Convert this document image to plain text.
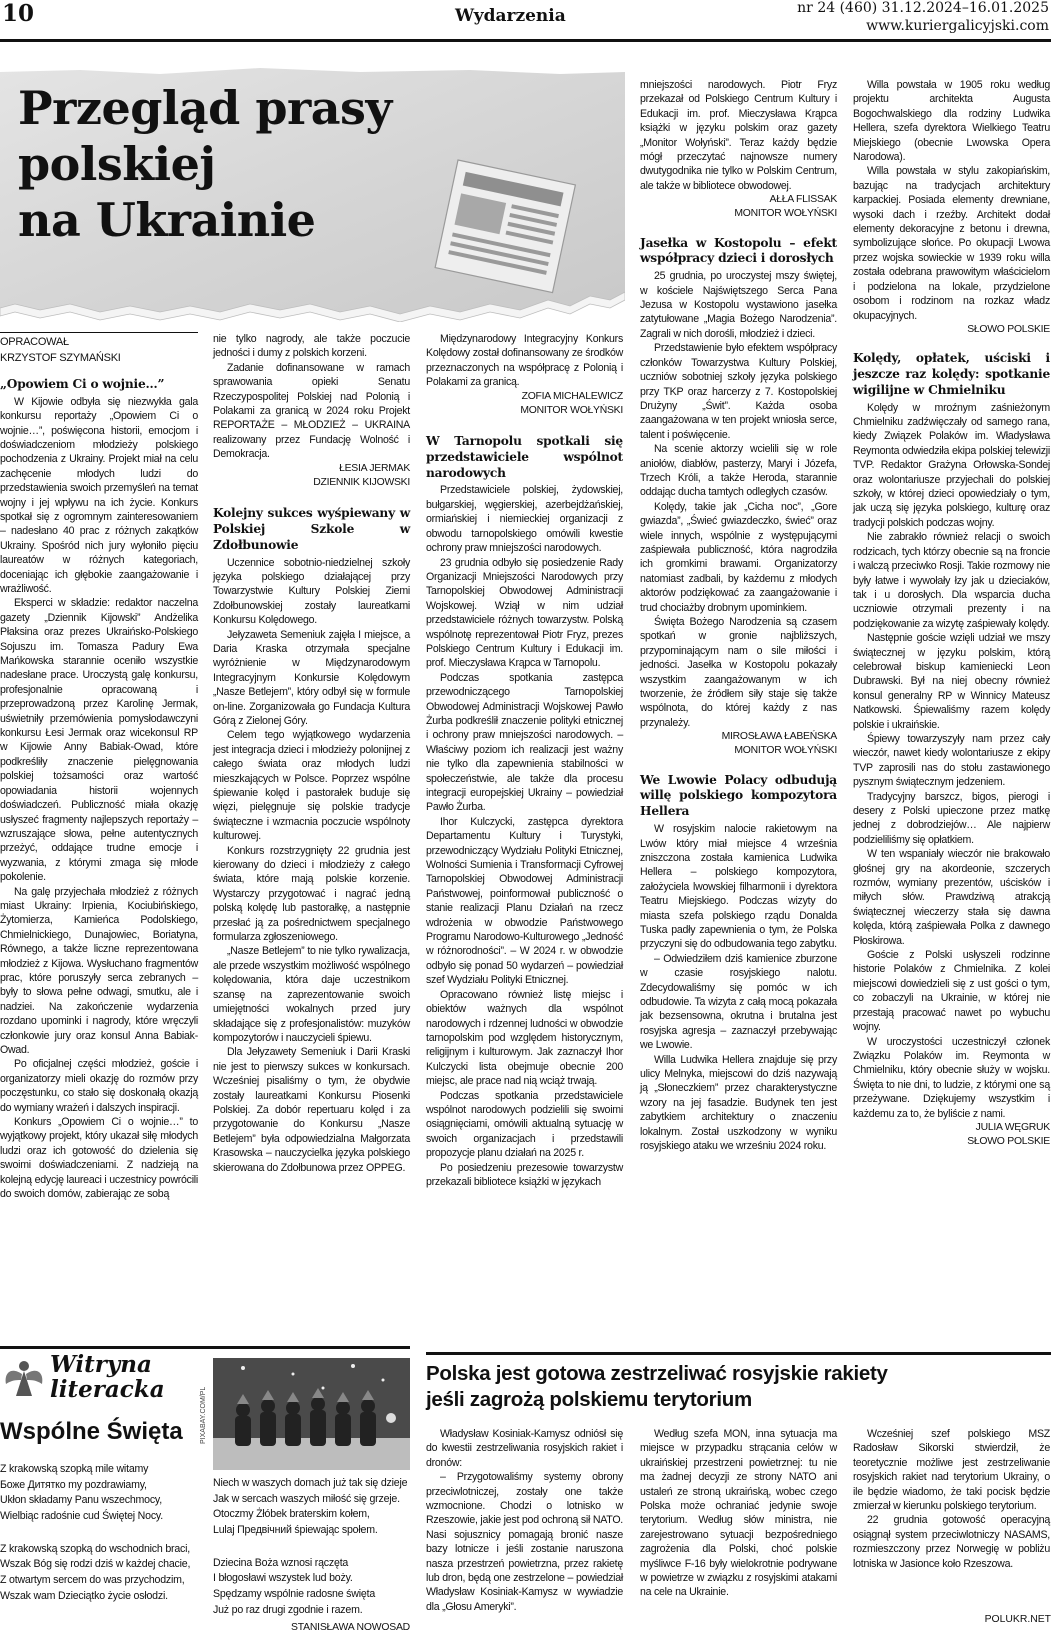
10	Wydarzenia	nr 24 (460) 31.12.2024–16.01.2025
www.kuriergalicyjski.com
Przegląd prasy
polskiej
na Ukrainie
OPRACOWAŁ
KRZYSTOF SZYMAŃSKI
„Opowiem Ci o wojnie…”

W Kijowie odbyła się niezwykła gala konkursu reportaży „Opowiem Ci o wojnie…”, poświęcona historii, emocjom i doświadczeniom młodzieży polskiego pochodzenia z Ukrainy. Projekt miał na celu zachęcenie młodych ludzi do przedstawienia swoich przemyśleń na temat wojny i jej wpływu na ich życie. Konkurs spotkał się z ogromnym zainteresowaniem – nadesłano 40 prac z różnych zakątków Ukrainy. Spośród nich jury wyłoniło pięciu laureatów w różnych kategoriach, doceniając ich głębokie zaangażowanie i wrażliwość.

Eksperci w składzie: redaktor naczelna gazety „Dziennik Kijowski” Andżelika Płaksina oraz prezes Ukraińsko-Polskiego Sojuszu im. Tomasza Padury Ewa Mańkowska starannie oceniło wszystkie nadesłane prace. Uroczystą galę konkursu, profesjonalnie opracowaną i przeprowadzoną przez Karolinę Jermak, uświetniły przemówienia pomysłodawczyni konkursu Łesi Jermak oraz wicekonsul RP w Kijowie Anny Babiak-Owad, które podkreśliły znaczenie pielęgnowania polskiej tożsamości oraz wartość opowiadania historii wojennych doświadczeń. Publiczność miała okazję usłyszeć fragmenty najlepszych reportaży – wzruszające słowa, pełne autentycznych przeżyć, oddające trudne emocje i wyzwania, z którymi zmaga się młode pokolenie.

Na galę przyjechała młodzież z różnych miast Ukrainy: Irpienia, Kociubińskiego, Żytomierza, Kamieńca Podolskiego, Chmielnickiego, Dunajowiec, Boriatyna, Równego, a także liczne reprezentowana młodzież z Kijowa. Wysłuchano fragmentów prac, które poruszyły serca zebranych – były to słowa pełne odwagi, smutku, ale i nadziei. Na zakończenie wydarzenia rozdano upominki i nagrody, które wręczyli członkowie jury oraz konsul Anna Babiak-Owad.

Po oficjalnej części młodzież, goście i organizatorzy mieli okazję do rozmów przy poczęstunku, co stało się doskonałą okazją do wymiany wrażeń i dalszych inspiracji.

Konkurs „Opowiem Ci o wojnie…” to wyjątkowy projekt, który ukazał siłę młodych ludzi oraz ich gotowość do dzielenia się swoimi doświadczeniami. Z nadzieją na kolejną edycję laureaci i uczestnicy powrócili do swoich domów, zabierając ze sobą

nie tylko nagrody, ale także poczucie jedności i dumy z polskich korzeni.

Zadanie dofinansowane w ramach sprawowania opieki Senatu Rzeczypospolitej Polskiej nad Polonią i Polakami za granicą w 2024 roku Projekt REPORTAŻE – MŁODZIEŻ – UKRAINA realizowany przez Fundację Wolność i Demokracja.

ŁESIA JERMAK
DZIENNIK KIJOWSKI
Kolejny sukces wyśpiewany w Polskiej Szkole w Zdołbunowie

Uczennice sobotnio-niedzielnej szkoły języka polskiego działającej przy Towarzystwie Kultury Polskiej Ziemi Zdołbunowskiej zostały laureatkami Konkursu Kolędowego.

Jełyzaweta Semeniuk zajęła I miejsce, a Daria Kraska otrzymała specjalne wyróżnienie w Międzynarodowym Integracyjnym Konkursie Kolędowym „Nasze Betlejem”, który odbył się w formule on-line. Zorganizowała go Fundacja Kultura Górą z Zielonej Góry.

Celem tego wyjątkowego wydarzenia jest integracja dzieci i młodzieży polonijnej z całego świata oraz młodych ludzi mieszkających w Polsce. Poprzez wspólne śpiewanie kolęd i pastorałek buduje się więzi, pielęgnuje się polskie tradycje świąteczne i wzmacnia poczucie wspólnoty kulturowej.

Konkurs rozstrzygnięty 22 grudnia jest kierowany do dzieci i młodzieży z całego świata, które mają polskie korzenie. Wystarczy przygotować i nagrać jedną polską kolędę lub pastorałkę, a następnie przesłać ją za pośrednictwem specjalnego formularza zgłoszeniowego.

„Nasze Betlejem” to nie tylko rywalizacja, ale przede wszystkim możliwość wspólnego kolędowania, która daje uczestnikom szansę na zaprezentowanie swoich umiejętności wokalnych przed jury składające się z profesjonalistów: muzyków kompozytorów i nauczycieli śpiewu.

Dla Jełyzawety Semeniuk i Darii Kraski nie jest to pierwszy sukces w konkursach. Wcześniej pisaliśmy o tym, że obydwie zostały laureatkami Konkursu Piosenki Polskiej. Za dobór repertuaru kolęd i za przygotowanie do Konkursu „Nasze Betlejem” była odpowiedzialna Małgorzata Krasowska – nauczycielka języka polskiego skierowana do Zdołbunowa przez OPPEG.

Międzynarodowy Integracyjny Konkurs Kolędowy został dofinansowany ze środków przeznaczonych na współpracę z Polonią i Polakami za granicą.

ZOFIA MICHALEWICZ
MONITOR WOŁYŃSKI
W Tarnopolu spotkali się przedstawiciele wspólnot narodowych

Przedstawiciele polskiej, żydowskiej, bułgarskiej, węgierskiej, azerbejdżańskiej, ormiańskiej i niemieckiej organizacji z obwodu tarnopolskiego omówili kwestie ochrony praw mniejszości narodowych.

23 grudnia odbyło się posiedzenie Rady Organizacji Mniejszości Narodowych przy Tarnopolskiej Obwodowej Administracji Wojskowej. Wziął w nim udział przedstawiciele różnych towarzystw. Polską wspólnotę reprezentował Piotr Fryz, prezes Polskiego Centrum Kultury i Edukacji im. prof. Mieczysława Krąpca w Tarnopolu.

Podczas spotkania zastępca przewodniczącego Tarnopolskiej Obwodowej Administracji Wojskowej Pawło Żurba podkreślił znaczenie polityki etnicznej i ochrony praw mniejszości narodowych. – Właściwy poziom ich realizacji jest ważny nie tylko dla zapewnienia stabilności w społeczeństwie, ale także dla procesu integracji europejskiej Ukrainy – powiedział Pawło Żurba.

Ihor Kulczycki, zastępca dyrektora Departamentu Kultury i Turystyki, przewodniczący Wydziału Polityki Etnicznej, Wolności Sumienia i Transformacji Cyfrowej Tarnopolskiej Obwodowej Administracji Państwowej, poinformował publiczność o stanie realizacji Planu Działań na rzecz wdrożenia w obwodzie Państwowego Programu Narodowo-Kulturowego „Jedność w różnorodności”. – W 2024 r. w obwodzie odbyło się ponad 50 wydarzeń – powiedział szef Wydziału Polityki Etnicznej.

Opracowano również listę miejsc i obiektów ważnych dla wspólnot narodowych i rdzennej ludności w obwodzie tarnopolskim pod względem historycznym, religijnym i kulturowym. Jak zaznaczył Ihor Kulczycki lista obejmuje obecnie 200 miejsc, ale prace nad nią wciąż trwają.

Podczas spotkania przedstawiciele wspólnot narodowych podzielili się swoimi osiągnięciami, omówili aktualną sytuację w swoich organizacjach i przedstawili propozycje planu działań na 2025 r.

Po posiedzeniu prezesowie towarzystw przekazali bibliotece książki w językach

mniejszości narodowych. Piotr Fryz przekazał od Polskiego Centrum Kultury i Edukacji im. prof. Mieczysława Krąpca książki w języku polskim oraz gazety „Monitor Wołyński”. Teraz każdy będzie mógł przeczytać najnowsze numery dwutygodnika nie tylko w Polskim Centrum, ale także w bibliotece obwodowej.

AŁŁA FLISSAK
MONITOR WOŁYŃSKI
Jasełka w Kostopolu – efekt współpracy dzieci i dorosłych

25 grudnia, po uroczystej mszy świętej, w kościele Najświętszego Serca Pana Jezusa w Kostopolu wystawiono jasełka zatytułowane „Magia Bożego Narodzenia”. Zagrali w nich dorośli, młodzież i dzieci.

Przedstawienie było efektem współpracy członków Towarzystwa Kultury Polskiej, uczniów sobotniej szkoły języka polskiego przy TKP oraz harcerzy z 7. Kostopolskiej Drużyny „Świt”. Każda osoba zaangażowana w ten projekt wniosła serce, talent i poświęcenie.

Na scenie aktorzy wcielili się w role aniołów, diabłów, pasterzy, Maryi i Józefa, Trzech Króli, a także Heroda, starannie oddając ducha tamtych odległych czasów.

Kolędy, takie jak „Cicha noc”, „Gore gwiazda”, „Świeć gwiazdeczko, świeć” oraz wiele innych, wspólnie z występującymi zaśpiewała publiczność, która nagrodziła ich gromkimi brawami. Organizatorzy natomiast zadbali, by każdemu z młodych aktorów podziękować za zaangażowanie i trud chociażby drobnym upominkiem.

Święta Bożego Narodzenia są czasem spotkań w gronie najbliższych, przypominającym nam o sile miłości i jedności. Jasełka w Kostopolu pokazały wszystkim zaangażowanym w ich tworzenie, że źródłem siły staje się także wspólnota, do której każdy z nas przynależy.

MIROSŁAWA ŁABEŃSKA
MONITOR WOŁYŃSKI
We Lwowie Polacy odbudują willę polskiego kompozytora Hellera

W rosyjskim nalocie rakietowym na Lwów który miał miejsce 4 września zniszczona została kamienica Ludwika Hellera – polskiego kompozytora, założyciela lwowskiej filharmonii i dyrektora Teatru Miejskiego. Podczas wizyty do miasta szefa polskiego rządu Donalda Tuska padły zapewnienia o tym, że Polska przyczyni się do odbudowania tego zabytku.

– Odwiedziłem dziś kamienice zburzone w czasie rosyjskiego nalotu. Zdecydowaliśmy się pomóc w ich odbudowie. Ta wizyta z całą mocą pokazała jak bezsensowna, okrutna i brutalna jest rosyjska agresja – zaznaczył przebywając we Lwowie.

Willa Ludwika Hellera znajduje się przy ulicy Melnyka, miejscowi do dziś nazywają ją „Słoneczkiem” przez charakterystyczne wzory na jej fasadzie. Budynek ten jest zabytkiem architektury o znaczeniu lokalnym. Został uszkodzony w wyniku rosyjskiego ataku we wrześniu 2024 roku.

Willa powstała w 1905 roku według projektu architekta Augusta Bogochwalskiego dla rodziny Ludwika Hellera, szefa dyrektora Wielkiego Teatru Miejskiego (obecnie Lwowska Opera Narodowa).

Willa powstała w stylu zakopiańskim, bazując na tradycjach architektury karpackiej. Posiada elementy drewniane, wysoki dach i rzeźby. Architekt dodał elementy dekoracyjne z betonu i drewna, symbolizujące słońce. Po okupacji Lwowa przez wojska sowieckie w 1939 roku willa została odebrana prawowitym właścicielom i podzielona na lokale, przydzielone osobom i rodzinom na rozkaz władz okupacyjnych.

SŁOWO POLSKIE
Kolędy, opłatek, uściski i jeszcze raz kolędy: spotkanie wigilijne w Chmielniku

Kolędy w mroźnym zaśnieżonym Chmielniku zadźwięczały od samego rana, kiedy Związek Polaków im. Władysława Reymonta odwiedziła ekipa polskiej telewizji TVP. Redaktor Grażyna Orłowska-Sondej oraz wolontariusze przyjechali do polskiej szkoły, w której dzieci opowiedziały o tym, jak uczą się języka polskiego, kulturę oraz tradycji polskich podczas wojny.

Nie zabrakło również relacji o swoich rodzicach, tych którzy obecnie są na froncie i walczą przeciwko Rosji. Takie rozmowy nie były łatwe i wywołały łzy jak u dzieciaków, tak i u dorosłych. Dla wsparcia ducha uczniowie otrzymali prezenty i na podziękowanie za wizytę zaśpiewały kolędy.

Następnie goście wzięli udział we mszy świątecznej w języku polskim, którą celebrował biskup kamieniecki Leon Dubrawski. Był na niej obecny również konsul generalny RP w Winnicy Mateusz Natkowski. Śpiewaliśmy razem kolędy polskie i ukraińskie.

Śpiewy towarzyszyły nam przez cały wieczór, nawet kiedy wolontariusze z ekipy TVP zaprosili nas do stołu zastawionego pysznym świątecznym jedzeniem.

Tradycyjny barszcz, bigos, pierogi i desery z Polski upieczone przez matkę jednej z dobrodziejów… Ale najpierw podzieliliśmy się opłatkiem.

W ten wspaniały wieczór nie brakowało głośnej gry na akordeonie, szczerych rozmów, wymiany prezentów, uścisków i miłych słów. Prawdziwą atrakcją świątecznej wieczerzy stała się dawna kolęda, którą zaśpiewała Polka z dawnego Płoskirowa.

Goście z Polski usłyszeli rodzinne historie Polaków z Chmielnika. Z kolei miejscowi dowiedzieli się z ust gości o tym, co zobaczyli na Ukrainie, w której nie przestają pracować nawet po wybuchu wojny.

W uroczystości uczestniczył członek Związku Polaków im. Reymonta w Chmielniku, który obecnie służy w wojsku. Święta to nie dni, to ludzie, z którymi one są przeżywane. Dziękujemy wszystkim i każdemu za to, że byliście z nami.

JULIA WĘGRUK
SŁOWO POLSKIE
Witryna
literacka
Wspólne Święta
Z krakowską szopką mile witamy
Боже Дитятко my pozdrawiamy,
Ukłon składamy Panu wszechmocy,
Wielbiąc radośnie cud Świętej Nocy.
Z krakowską szopką do wschodnich braci,
Wszak Bóg się rodzi dziś w każdej chacie,
Z otwartym sercem do was przychodzim,
Wszak wam Dzieciątko życie osłodzi.
PIXABAY.COM/PL
Niech w waszych domach już tak się dzieje
Jak w sercach waszych miłość się grzeje.
Otoczmy Żłóbek braterskim kołem,
Lulaj Предвічний śpiewając społem.
Dziecina Boża wznosi rączęta
I błogosławi wszystek lud boży.
Spędzamy wspólnie radosne święta
Już po raz drugi zgodnie i razem.
STANISŁAWA NOWOSAD
Polska jest gotowa zestrzeliwać rosyjskie rakiety
jeśli zagrożą polskiemu terytorium

Władysław Kosiniak-Kamysz odniósł się do kwestii zestrzeliwania rosyjskich rakiet i dronów:

– Przygotowaliśmy systemy obrony przeciwlotniczej, zostały one także wzmocnione. Chodzi o lotnisko w Rzeszowie, jakie jest pod ochroną sił NATO. Nasi sojusznicy pomagają bronić nasze bazy lotnicze i jeśli zostanie naruszona nasza przestrzeń powietrzna, przez rakietę lub dron, będą one zestrzelone – powiedział Władysław Kosiniak-Kamysz w wywiadzie dla „Głosu Ameryki”.

Według szefa MON, inna sytuacja ma miejsce w przypadku strącania celów w ukraińskiej przestrzeni powietrznej: tu nie ma żadnej decyzji ze strony NATO ani ustaleń ze stroną ukraińską, wobec czego Polska może ochraniać jedynie swoje terytorium. Według słów ministra, nie zarejestrowano sytuacji bezpośredniego zagrożenia dla Polski, choć polskie myśliwce F-16 były wielokrotnie podrywane w powietrze w związku z rosyjskimi atakami na cele na Ukrainie.

Wcześniej szef polskiego MSZ Radosław Sikorski stwierdził, że teoretycznie możliwe jest zestrzeliwanie rosyjskich rakiet nad terytorium Ukrainy, o ile będzie wiadomo, że taki pocisk będzie zmierzał w kierunku polskiego terytorium.

22 grudnia gotowość operacyjną osiągnął system przeciwlotniczy NASAMS, rozmieszczony przez Norwegię w pobliżu lotniska w Jasionce koło Rzeszowa.

POLUKR.NET
